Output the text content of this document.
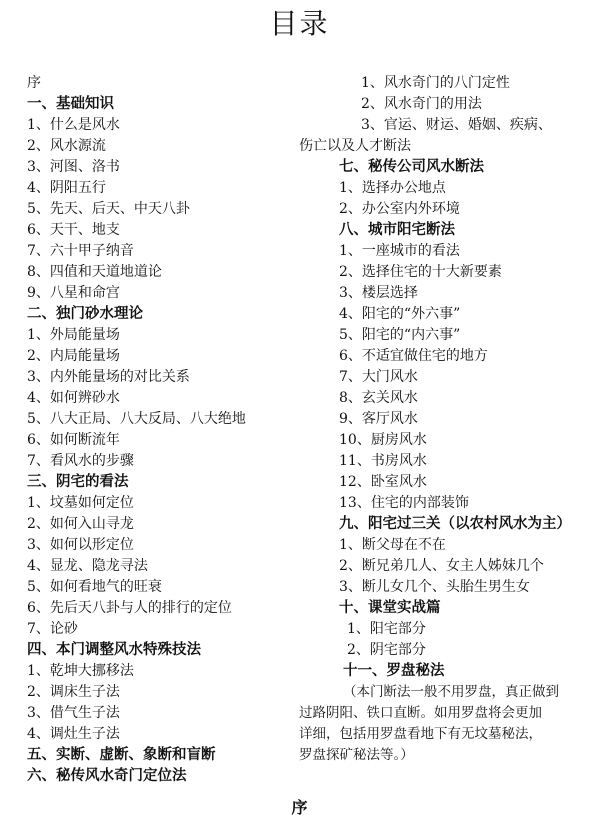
目录
序
一、基础知识
1、什么是风水
2、风水源流
3、河图、洛书
4、阴阳五行
5、先天、后天、中天八卦
6、天干、地支
7、六十甲子纳音
8、四值和天道地道论
9、八星和命宫
二、独门砂水理论
1、外局能量场
2、内局能量场
3、内外能量场的对比关系
4、如何辨砂水
5、八大正局、八大反局、八大绝地
6、如何断流年
7、看风水的步骤
三、阴宅的看法
1、坟墓如何定位
2、如何入山寻龙
3、如何以形定位
4、显龙、隐龙寻法
5、如何看地气的旺衰
6、先后天八卦与人的排行的定位
7、论砂
四、本门调整风水特殊技法
1、乾坤大挪移法
2、调床生子法
3、借气生子法
4、调灶生子法
五、实断、虚断、象断和盲断
六、秘传风水奇门定位法
1、风水奇门的八门定性
2、风水奇门的用法
3、官运、财运、婚姻、疾病、
伤亡以及人才断法
七、秘传公司风水断法
1、选择办公地点
2、办公室内外环境
八、城市阳宅断法
1、一座城市的看法
2、选择住宅的十大新要素
3、楼层选择
4、阳宅的“外六事”
5、阳宅的“内六事”
6、不适宜做住宅的地方
7、大门风水
8、玄关风水
9、客厅风水
10、厨房风水
11、书房风水
12、卧室风水
13、住宅的内部装饰
九、阳宅过三关（以农村风水为主）
1、断父母在不在
2、断兄弟几人、女主人姊妹几个
3、断儿女几个、头胎生男生女
十、课堂实战篇
1、阳宅部分
2、阴宅部分
十一、罗盘秘法
（本门断法一般不用罗盘，真正做到
过路阴阳、铁口直断。如用罗盘将会更加
详细，包括用罗盘看地下有无坟墓秘法，
罗盘探矿秘法等。）
序
